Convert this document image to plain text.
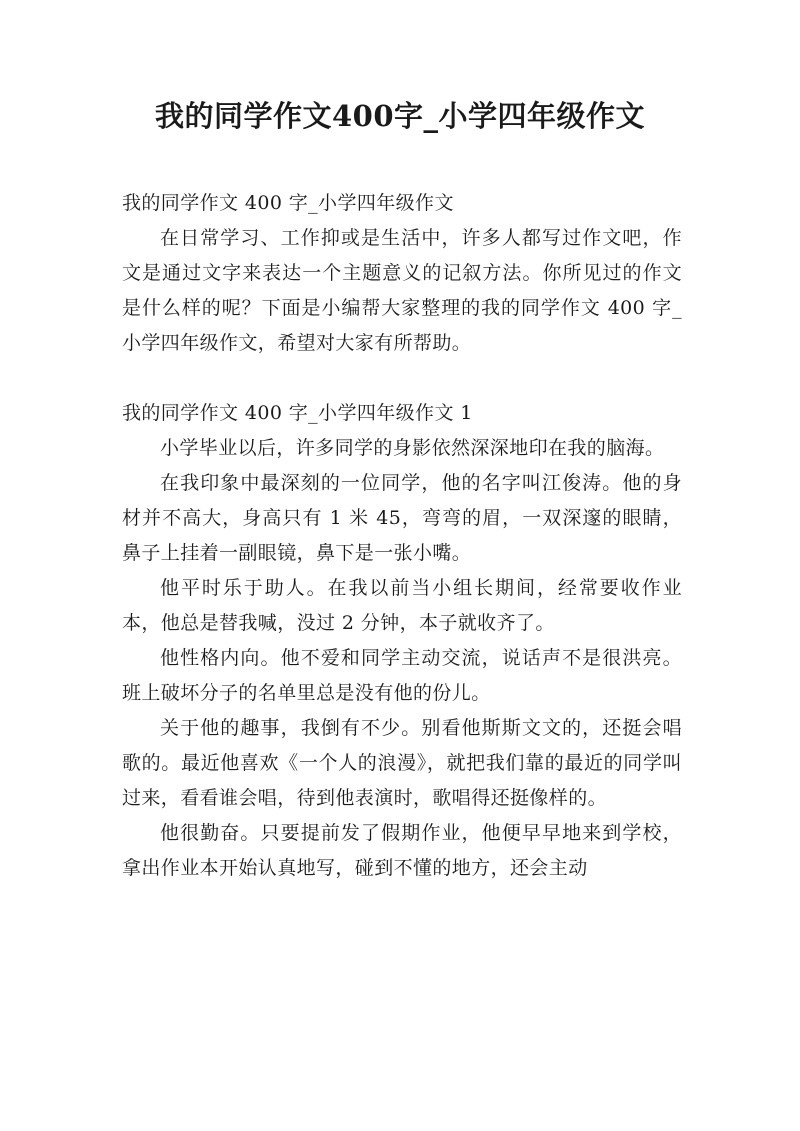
我的同学作文400字_小学四年级作文

我的同学作文 400 字_小学四年级作文

在日常学习、工作抑或是生活中，许多人都写过作文吧，作文是通过文字来表达一个主题意义的记叙方法。你所见过的作文是什么样的呢？下面是小编帮大家整理的我的同学作文 400 字_小学四年级作文，希望对大家有所帮助。

我的同学作文 400 字_小学四年级作文 1

小学毕业以后，许多同学的身影依然深深地印在我的脑海。

在我印象中最深刻的一位同学，他的名字叫江俊涛。他的身材并不高大，身高只有 1 米 45，弯弯的眉，一双深邃的眼睛，鼻子上挂着一副眼镜，鼻下是一张小嘴。

他平时乐于助人。在我以前当小组长期间，经常要收作业本，他总是替我喊，没过 2 分钟，本子就收齐了。

他性格内向。他不爱和同学主动交流，说话声不是很洪亮。班上破坏分子的名单里总是没有他的份儿。

关于他的趣事，我倒有不少。别看他斯斯文文的，还挺会唱歌的。最近他喜欢《一个人的浪漫》，就把我们靠的最近的同学叫过来，看看谁会唱，待到他表演时，歌唱得还挺像样的。

他很勤奋。只要提前发了假期作业，他便早早地来到学校，拿出作业本开始认真地写，碰到不懂的地方，还会主动
